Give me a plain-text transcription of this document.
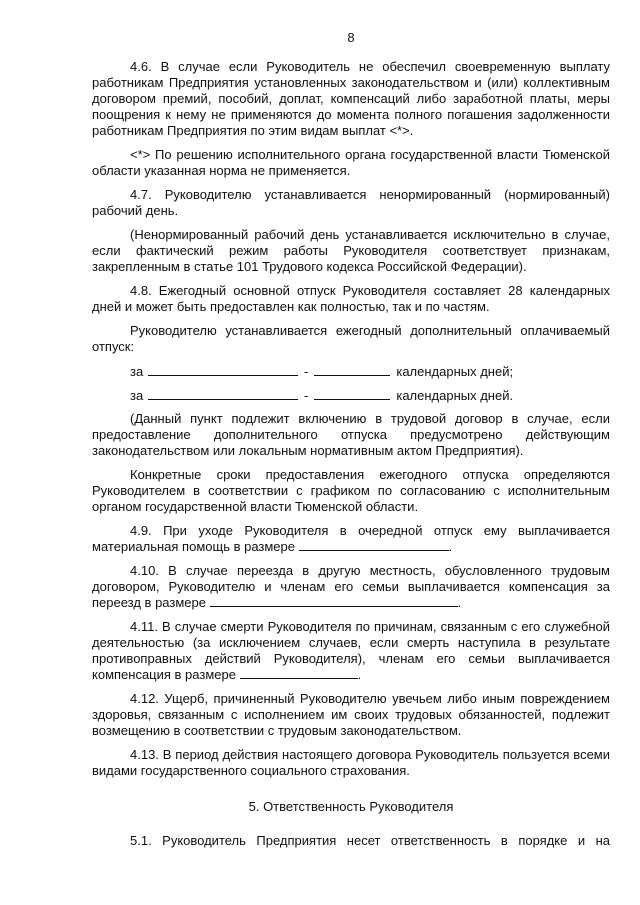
8

4.6. В случае если Руководитель не обеспечил своевременную выплату работникам Предприятия установленных законодательством и (или) коллективным договором премий, пособий, доплат, компенсаций либо заработной платы, меры поощрения к нему не применяются до момента полного погашения задолженности работникам Предприятия по этим видам выплат <*>.

<*> По решению исполнительного органа государственной власти Тюменской области указанная норма не применяется.

4.7. Руководителю устанавливается ненормированный (нормированный) рабочий день.

(Ненормированный рабочий день устанавливается исключительно в случае, если фактический режим работы Руководителя соответствует признакам, закрепленным в статье 101 Трудового кодекса Российской Федерации).

4.8. Ежегодный основной отпуск Руководителя составляет 28 календарных дней и может быть предоставлен как полностью, так и по частям.

Руководителю устанавливается ежегодный дополнительный оплачиваемый отпуск:

за	-	календарных дней;
за	-	календарных дней.

(Данный пункт подлежит включению в трудовой договор в случае, если предоставление дополнительного отпуска предусмотрено действующим законодательством или локальным нормативным актом Предприятия).

Конкретные сроки предоставления ежегодного отпуска определяются Руководителем в соответствии с графиком по согласованию с исполнительным органом государственной власти Тюменской области.

4.9. При уходе Руководителя в очередной отпуск ему выплачивается материальная помощь в размере	.

4.10. В случае переезда в другую местность, обусловленного трудовым договором, Руководителю и членам его семьи выплачивается компенсация за переезд в размере	.

4.11. В случае смерти Руководителя по причинам, связанным с его служебной деятельностью (за исключением случаев, если смерть наступила в результате противоправных действий Руководителя), членам его семьи выплачивается компенсация в размере	.

4.12. Ущерб, причиненный Руководителю увечьем либо иным повреждением здоровья, связанным с исполнением им своих трудовых обязанностей, подлежит возмещению в соответствии с трудовым законодательством.

4.13. В период действия настоящего договора Руководитель пользуется всеми видами государственного социального страхования.

5. Ответственность Руководителя

5.1. Руководитель Предприятия несет ответственность в порядке и на
